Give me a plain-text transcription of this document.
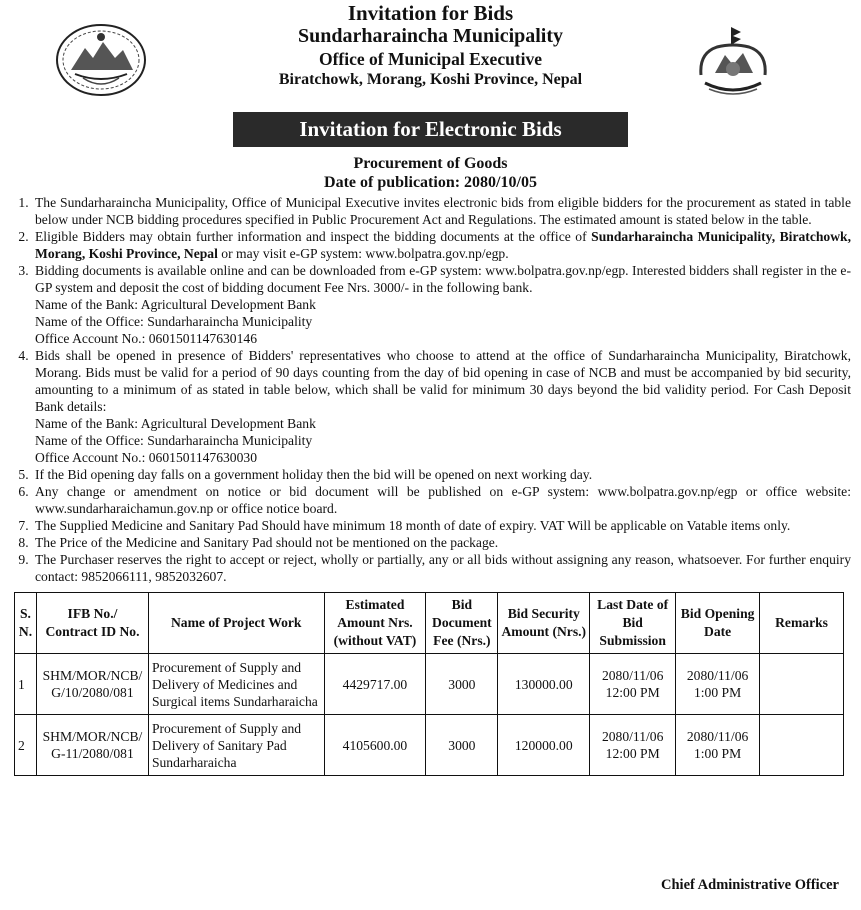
Invitation for Bids
Sundarharaincha Municipality
Office of Municipal Executive
Biratchowk, Morang, Koshi Province, Nepal
Invitation for Electronic Bids
Procurement of Goods
Date of publication: 2080/10/05
1. The Sundarharaincha Municipality, Office of Municipal Executive invites electronic bids from eligible bidders for the procurement as stated in table below under NCB bidding procedures specified in Public Procurement Act and Regulations. The estimated amount is stated below in the table.
2. Eligible Bidders may obtain further information and inspect the bidding documents at the office of Sundarharaincha Municipality, Biratchowk, Morang, Koshi Province, Nepal or may visit e-GP system: www.bolpatra.gov.np/egp.
3. Bidding documents is available online and can be downloaded from e-GP system: www.bolpatra.gov.np/egp. Interested bidders shall register in the e-GP system and deposit the cost of bidding document Fee Nrs. 3000/- in the following bank.
Name of the Bank: Agricultural Development Bank
Name of the Office: Sundarharaincha Municipality
Office Account No.: 0601501147630146
4. Bids shall be opened in presence of Bidders' representatives who choose to attend at the office of Sundarharaincha Municipality, Biratchowk, Morang. Bids must be valid for a period of 90 days counting from the day of bid opening in case of NCB and must be accompanied by bid security, amounting to a minimum of as stated in table below, which shall be valid for minimum 30 days beyond the bid validity period. For Cash Deposit Bank details:
Name of the Bank: Agricultural Development Bank
Name of the Office: Sundarharaincha Municipality
Office Account No.: 0601501147630030
5. If the Bid opening day falls on a government holiday then the bid will be opened on next working day.
6. Any change or amendment on notice or bid document will be published on e-GP system: www.bolpatra.gov.np/egp or office website: www.sundarharaichamun.gov.np or office notice board.
7. The Supplied Medicine and Sanitary Pad Should have minimum 18 month of date of expiry. VAT Will be applicable on Vatable items only.
8. The Price of the Medicine and Sanitary Pad should not be mentioned on the package.
9. The Purchaser reserves the right to accept or reject, wholly or partially, any or all bids without assigning any reason, whatsoever. For further enquiry contact: 9852066111, 9852032607.
S. N.	IFB No./ Contract ID No.	Name of Project Work	Estimated Amount Nrs. (without VAT)	Bid Document Fee (Nrs.)	Bid Security Amount (Nrs.)	Last Date of Bid Submission	Bid Opening Date	Remarks
1	SHM/MOR/NCB/ G/10/2080/081	Procurement of Supply and Delivery of Medicines and Surgical items Sundarharaicha	4429717.00	3000	130000.00	2080/11/06 12:00 PM	2080/11/06 1:00 PM	
2	SHM/MOR/NCB/ G-11/2080/081	Procurement of Supply and Delivery of Sanitary Pad Sundarharaicha	4105600.00	3000	120000.00	2080/11/06 12:00 PM	2080/11/06 1:00 PM	
Chief Administrative Officer
